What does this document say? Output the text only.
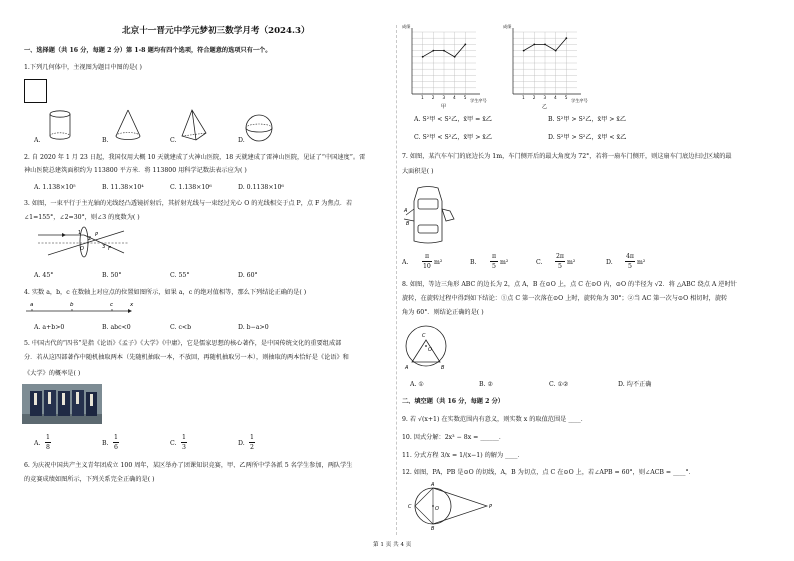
北京十一晋元中学元梦初三数学月考（2024.3）
一、选择题（共 16 分，每题 2 分）第 1-8 题均有四个选项，符合题意的选项只有一个。
1.下列几何体中，主视图为题目中图的是( )
A.	B.	C.	D.
2. 自 2020 年 1 月 23 日起，我国仅用大概 10 天就建成了火神山医院，18 天就建成了雷神山医院，见证了“中国速度”。雷
神山医院总建筑面积约为 113800 平方米．将 113800 用科学记数法表示应为( )
A. 1.138×10⁵	B. 11.38×10⁴	C. 1.138×10⁶	D. 0.1138×10⁶
3. 如图，一束平行于主光轴的光线经凸透镜折射后，其折射光线与一束经过光心 O 的光线相交于点 P，点 F 为焦点．若
∠1=155°，∠2=30°，则∠3 的度数为( )
1
2
3
P
O	F
A. 45°	B. 50°	C. 55°	D. 60°
4. 实数 a，b，c 在数轴上对应点的位置如图所示，如果 a，c 的绝对值相等，那么下列结论正确的是( )
a	b	c	x
A. a+b>0	B. abc<0	C. c<b	D. b−a>0
5. 中国古代的“四书”是指《论语》《孟子》《大学》《中庸》，它是儒家思想的核心著作，是中国传统文化的重要组成部
分．若从这四部著作中随机抽取两本（先随机抽取一本，不放回，再随机抽取另一本），则抽取的两本恰好是《论语》和
《大学》的概率是( )
A.
1
8
B.
1
6
C.
1
3
D.
1
2
6. 为庆祝中国共产主义青年团成立 100 周年，某区举办了团课知识竞赛，甲、乙两所中学各派 5 名学生参加，两队学生
的竞赛成绩如图所示，下列关系完全正确的是( )
成绩
学生序号
1 2 3 4 5
甲
成绩
学生序号
1 2 3 4 5
乙
A. S²甲 < S²乙，x̄甲 = x̄乙	B. S²甲 > S²乙，x̄甲 > x̄乙
C. S²甲 < S²乙，x̄甲 > x̄乙	D. S²甲 > S²乙，x̄甲 < x̄乙
7. 如图，某汽车车门的底边长为 1m，车门侧开后的最大角度为 72°，若将一扇车门侧开，则这扇车门底边扫过区域的最
大面积是( )
A
B
A.
π
10
m²	B.
π
5
m²	C.
2π
5
m²	D.
4π
5
m²
8. 如图，等边三角形 ABC 的边长为 2，点 A，B 在⊙O 上，点 C 在⊙O 内，⊙O 的半径为 √2．将 △ABC 绕点 A 逆时针
旋转，在旋转过程中得到如下结论：①点 C 第一次落在⊙O 上时，旋转角为 30°；②当 AC 第一次与⊙O 相切时，旋转
角为 60°．则结论正确的是( )
A	B
C
O
A. ①	B. ②	C. ①②	D. 均不正确
二、填空题（共 16 分，每题 2 分）
9. 若 √(x+1) 在实数范围内有意义，则实数 x 的取值范围是 ____．
10. 因式分解：2x³ − 8x = ______．
11. 分式方程 3/x = 1/(x−1) 的解为 ____．
12. 如图，PA，PB 是⊙O 的切线，A，B 为切点，点 C 在⊙O 上，若∠APB = 60°，则∠ACB = ____°．
A
B
C	O	P
第 1 页 共 4 页
